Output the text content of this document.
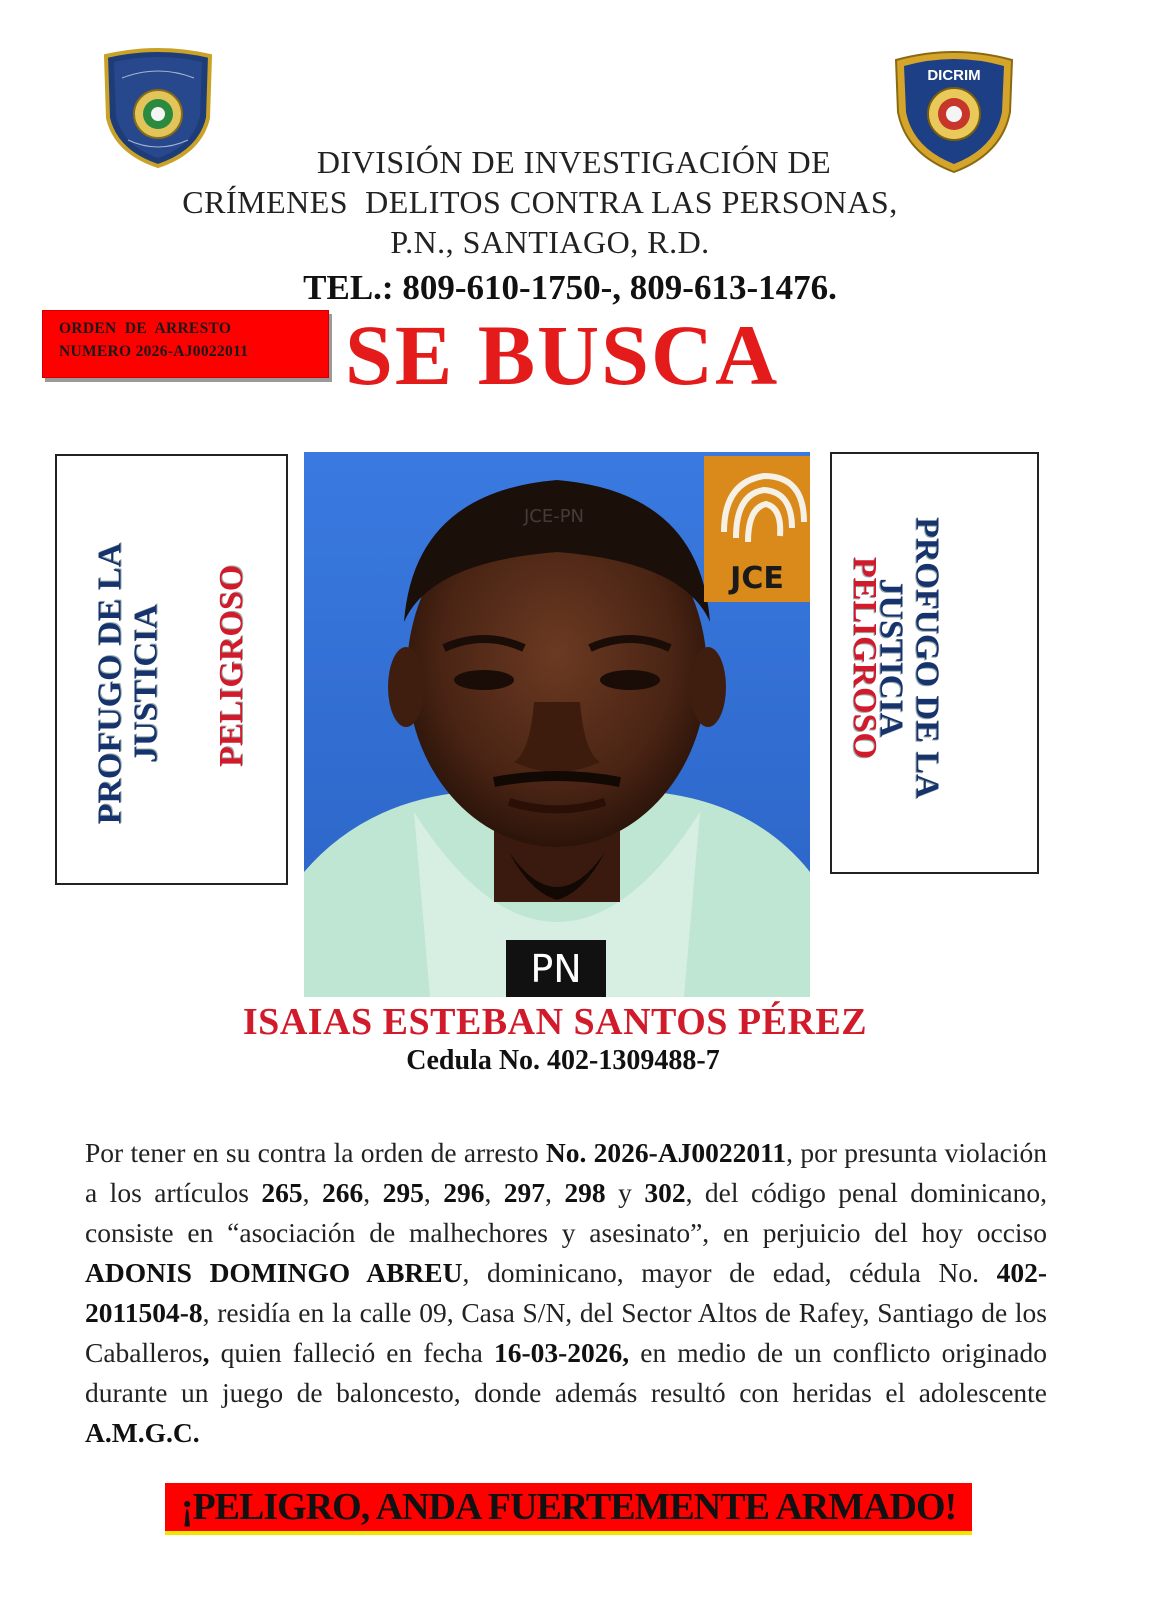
DICRIM
DIVISIÓN DE INVESTIGACIÓN DE
CRÍMENES  DELITOS CONTRA LAS PERSONAS,
P.N., SANTIAGO, R.D.
TEL.: 809-610-1750-, 809-613-1476.
ORDEN  DE  ARRESTO
NUMERO 2026-AJ0022011 SE BUSCA
PROFUGO DE LA
JUSTICIA PELIGROSO	JCE
PN
JCE-PN
PELIGROSO PROFUGO DE LA
JUSTICIA
ISAIAS ESTEBAN SANTOS PÉREZ
Cedula No. 402-1309488-7
Por tener en su contra la orden de arresto No. 2026-AJ0022011, por presunta violación a los artículos 265, 266, 295, 296, 297, 298 y 302, del código penal dominicano, consiste en “asociación de malhechores y asesinato”, en perjuicio del hoy occiso ADONIS DOMINGO ABREU, dominicano, mayor de edad, cédula No. 402-2011504-8, residía en la calle 09, Casa S/N, del Sector Altos de Rafey, Santiago de los Caballeros, quien falleció en fecha 16-03-2026, en medio de un conflicto originado durante un juego de baloncesto, donde además resultó con heridas el adolescente A.M.G.C.
¡PELIGRO, ANDA FUERTEMENTE ARMADO!
